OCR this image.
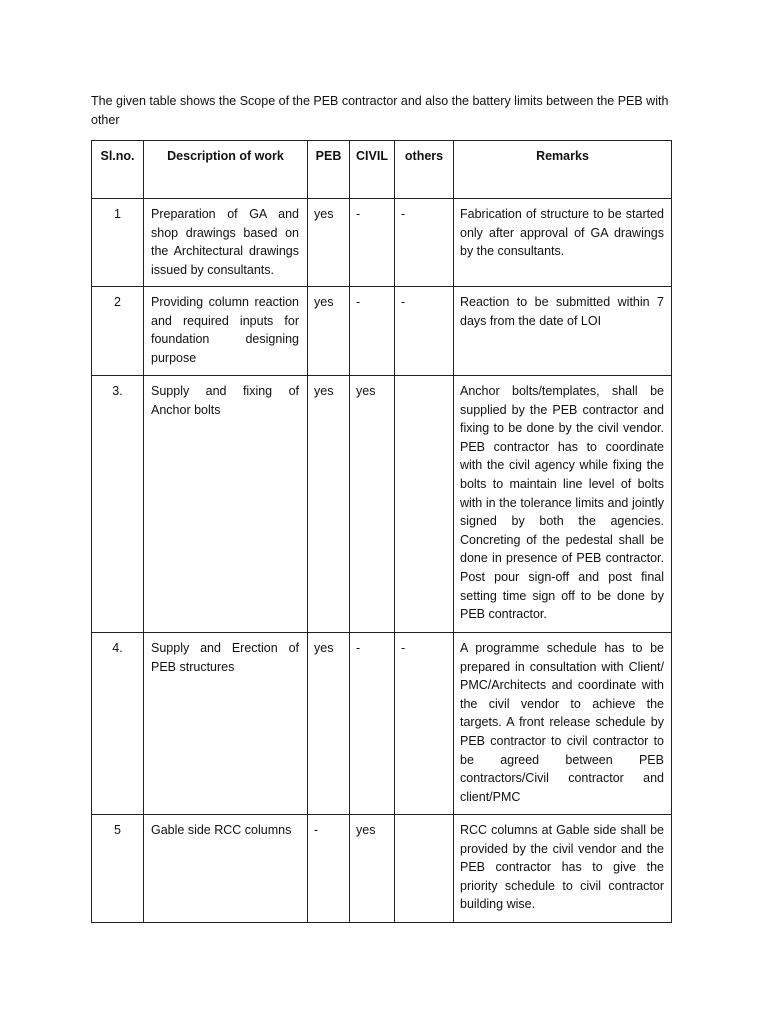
The given table shows the Scope of the PEB contractor and also the battery limits between the PEB with other

Sl.no.	Description of work	PEB	CIVIL	others	Remarks
1	Preparation of GA and shop drawings based on the Architectural drawings issued by consultants.	yes	-	-	Fabrication of structure to be started only after approval of GA drawings by the consultants.
2	Providing column reaction and required inputs for foundation designing purpose	yes	-	-	Reaction to be submitted within 7 days from the date of LOI
3.	Supply and fixing of Anchor bolts	yes	yes		Anchor bolts/templates, shall be supplied by the PEB contractor and fixing to be done by the civil vendor. PEB contractor has to coordinate with the civil agency while fixing the bolts to maintain line level of bolts with in the tolerance limits and jointly signed by both the agencies. Concreting of the pedestal shall be done in presence of PEB contractor. Post pour sign-off and post final setting time sign off to be done by PEB contractor.
4.	Supply and Erection of PEB structures	yes	-	-	A programme schedule has to be prepared in consultation with Client/ PMC/Architects and coordinate with the civil vendor to achieve the targets. A front release schedule by PEB contractor to civil contractor to be agreed between PEB contractors/Civil contractor and client/PMC
5	Gable side RCC columns	-	yes		RCC columns at Gable side shall be provided by the civil vendor and the PEB contractor has to give the priority schedule to civil contractor building wise.
